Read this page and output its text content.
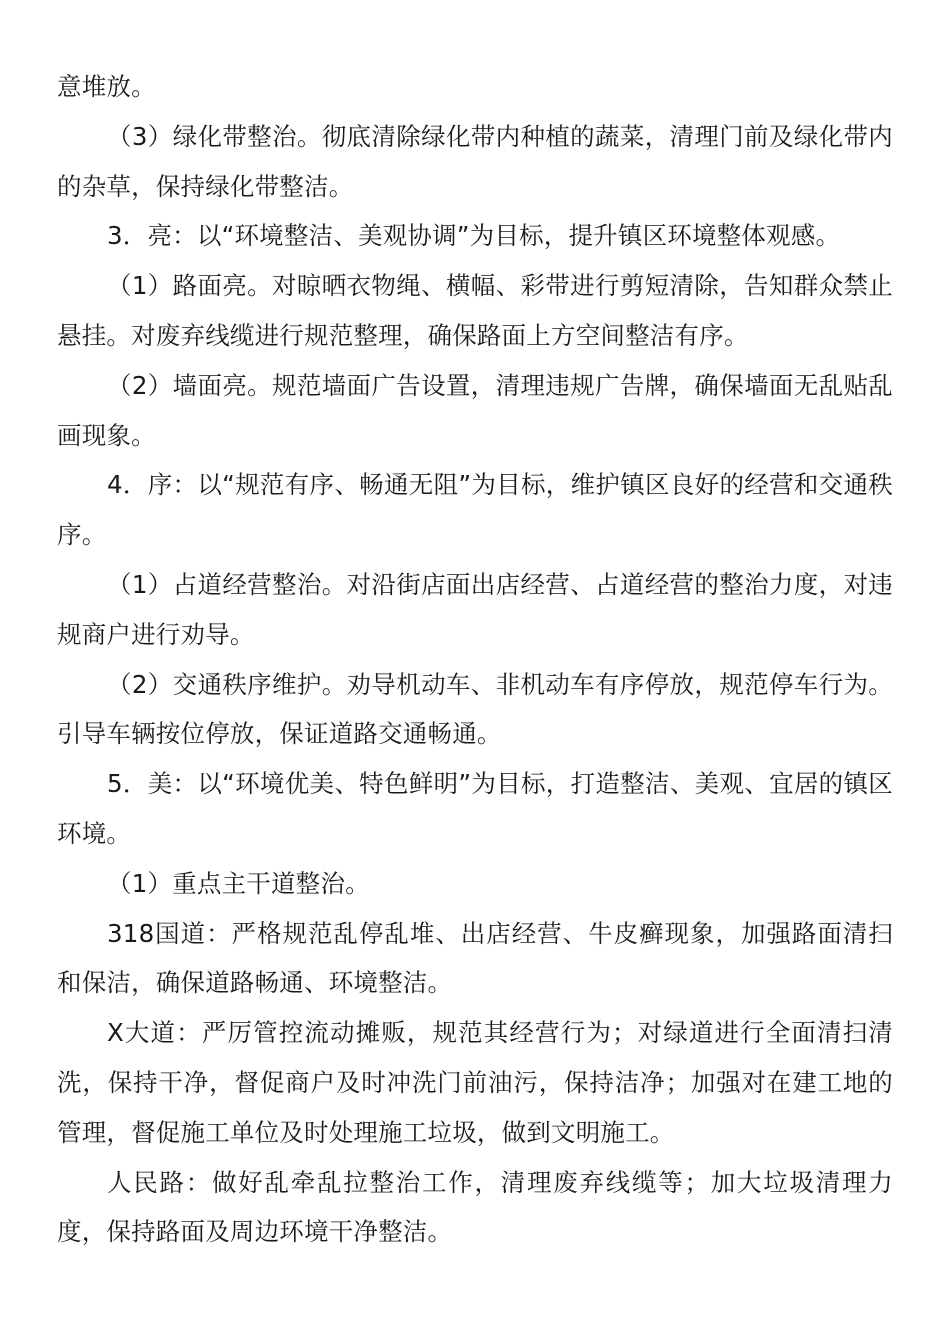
意堆放。

（3）绿化带整治。彻底清除绿化带内种植的蔬菜，清理门前及绿化带内的杂草，保持绿化带整洁。

3．亮：以“环境整洁、美观协调”为目标，提升镇区环境整体观感。

（1）路面亮。对晾晒衣物绳、横幅、彩带进行剪短清除，告知群众禁止悬挂。对废弃线缆进行规范整理，确保路面上方空间整洁有序。

（2）墙面亮。规范墙面广告设置，清理违规广告牌，确保墙面无乱贴乱画现象。

4．序：以“规范有序、畅通无阻”为目标，维护镇区良好的经营和交通秩序。

（1）占道经营整治。对沿街店面出店经营、占道经营的整治力度，对违规商户进行劝导。

（2）交通秩序维护。劝导机动车、非机动车有序停放，规范停车行为。引导车辆按位停放，保证道路交通畅通。

5．美：以“环境优美、特色鲜明”为目标，打造整洁、美观、宜居的镇区环境。

（1）重点主干道整治。

318国道：严格规范乱停乱堆、出店经营、牛皮癣现象，加强路面清扫和保洁，确保道路畅通、环境整洁。

X大道：严厉管控流动摊贩，规范其经营行为；对绿道进行全面清扫清洗，保持干净，督促商户及时冲洗门前油污，保持洁净；加强对在建工地的管理，督促施工单位及时处理施工垃圾，做到文明施工。

人民路：做好乱牵乱拉整治工作，清理废弃线缆等；加大垃圾清理力度，保持路面及周边环境干净整洁。
